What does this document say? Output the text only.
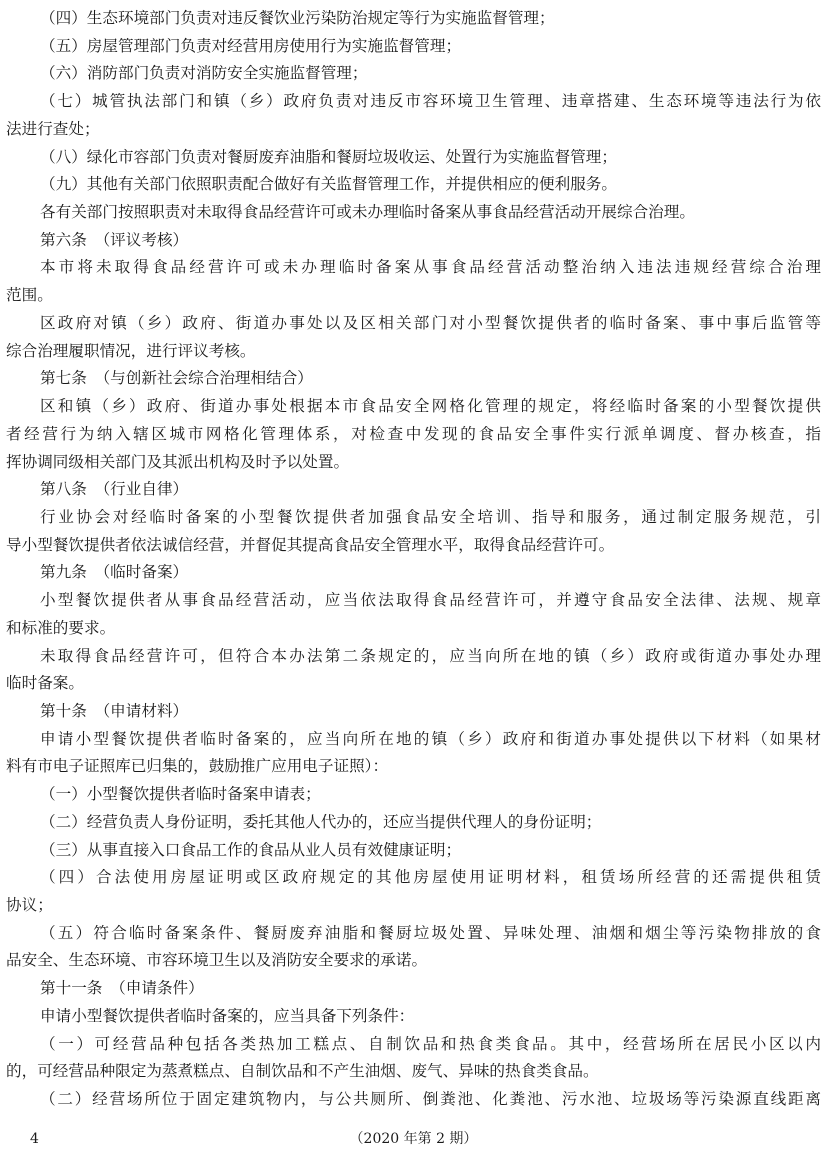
（四）生态环境部门负责对违反餐饮业污染防治规定等行为实施监督管理；
（五）房屋管理部门负责对经营用房使用行为实施监督管理；
（六）消防部门负责对消防安全实施监督管理；
（七）城管执法部门和镇（乡）政府负责对违反市容环境卫生管理、违章搭建、生态环境等违法行为依
法进行查处；
（八）绿化市容部门负责对餐厨废弃油脂和餐厨垃圾收运、处置行为实施监督管理；
（九）其他有关部门依照职责配合做好有关监督管理工作，并提供相应的便利服务。
各有关部门按照职责对未取得食品经营许可或未办理临时备案从事食品经营活动开展综合治理。
第六条　（评议考核）
本市将未取得食品经营许可或未办理临时备案从事食品经营活动整治纳入违法违规经营综合治理
范围。
区政府对镇（乡）政府、街道办事处以及区相关部门对小型餐饮提供者的临时备案、事中事后监管等
综合治理履职情况，进行评议考核。
第七条　（与创新社会综合治理相结合）
区和镇（乡）政府、街道办事处根据本市食品安全网格化管理的规定，将经临时备案的小型餐饮提供
者经营行为纳入辖区城市网格化管理体系，对检查中发现的食品安全事件实行派单调度、督办核查，指
挥协调同级相关部门及其派出机构及时予以处置。
第八条　（行业自律）
行业协会对经临时备案的小型餐饮提供者加强食品安全培训、指导和服务，通过制定服务规范，引
导小型餐饮提供者依法诚信经营，并督促其提高食品安全管理水平，取得食品经营许可。
第九条　（临时备案）
小型餐饮提供者从事食品经营活动，应当依法取得食品经营许可，并遵守食品安全法律、法规、规章
和标准的要求。
未取得食品经营许可，但符合本办法第二条规定的，应当向所在地的镇（乡）政府或街道办事处办理
临时备案。
第十条　（申请材料）
申请小型餐饮提供者临时备案的，应当向所在地的镇（乡）政府和街道办事处提供以下材料（如果材
料有市电子证照库已归集的，鼓励推广应用电子证照）：
（一）小型餐饮提供者临时备案申请表；
（二）经营负责人身份证明，委托其他人代办的，还应当提供代理人的身份证明；
（三）从事直接入口食品工作的食品从业人员有效健康证明；
（四）合法使用房屋证明或区政府规定的其他房屋使用证明材料，租赁场所经营的还需提供租赁
协议；
（五）符合临时备案条件、餐厨废弃油脂和餐厨垃圾处置、异味处理、油烟和烟尘等污染物排放的食
品安全、生态环境、市容环境卫生以及消防安全要求的承诺。
第十一条　（申请条件）
申请小型餐饮提供者临时备案的，应当具备下列条件：
（一）可经营品种包括各类热加工糕点、自制饮品和热食类食品。其中，经营场所在居民小区以内
的，可经营品种限定为蒸煮糕点、自制饮品和不产生油烟、废气、异味的热食类食品。
（二）经营场所位于固定建筑物内，与公共厕所、倒粪池、化粪池、污水池、垃圾场等污染源直线距离
4	（2020 年第 2 期）
